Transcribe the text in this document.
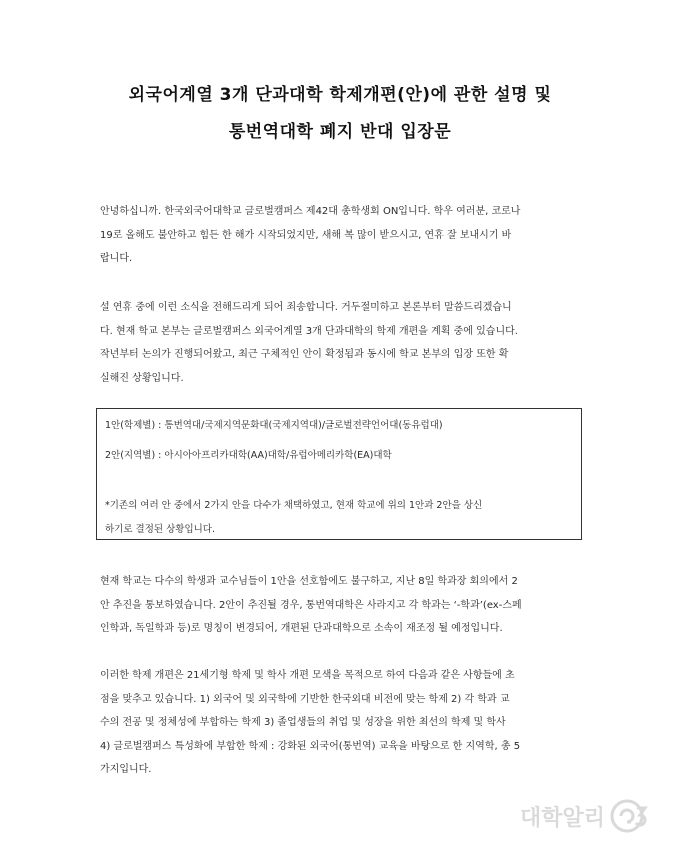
외국어계열 3개 단과대학 학제개편(안)에 관한 설명 및
통번역대학 폐지 반대 입장문
안녕하십니까. 한국외국어대학교 글로벌캠퍼스 제42대 총학생회 ON입니다. 학우 여러분, 코로나
19로 올해도 불안하고 힘든 한 해가 시작되었지만, 새해 복 많이 받으시고, 연휴 잘 보내시기 바
랍니다.
설 연휴 중에 이런 소식을 전해드리게 되어 죄송합니다. 거두절미하고 본론부터 말씀드리겠습니
다. 현재 학교 본부는 글로벌캠퍼스 외국어계열 3개 단과대학의 학제 개편을 계획 중에 있습니다.
작년부터 논의가 진행되어왔고, 최근 구체적인 안이 확정됨과 동시에 학교 본부의 입장 또한 확
실해진 상황입니다.
1안(학제별) : 통번역대/국제지역문화대(국제지역대)/글로벌전략언어대(동유럽대)
2안(지역별) : 아시아아프리카대학(AA)대학/유럽아메리카학(EA)대학
*기존의 여러 안 중에서 2가지 안을 다수가 채택하였고, 현재 학교에 위의 1안과 2안을 상신
하기로 결정된 상황입니다.
현재 학교는 다수의 학생과 교수님들이 1안을 선호함에도 불구하고, 지난 8일 학과장 회의에서 2
안 추진을 통보하였습니다. 2안이 추진될 경우, 통번역대학은 사라지고 각 학과는 ‘-학과’(ex-스페
인학과, 독일학과 등)로 명칭이 변경되어, 개편된 단과대학으로 소속이 재조정 될 예정입니다.
이러한 학제 개편은 21세기형 학제 및 학사 개편 모색을 목적으로 하여 다음과 같은 사항들에 초
점을 맞추고 있습니다. 1) 외국어 및 외국학에 기반한 한국외대 비전에 맞는 학제 2) 각 학과 교
수의 전공 및 정체성에 부합하는 학제 3) 졸업생들의 취업 및 성장을 위한 최선의 학제 및 학사
4) 글로벌캠퍼스 특성화에 부합한 학제 : 강화된 외국어(통번역) 교육을 바탕으로 한 지역학, 총 5
가지입니다.
대학알리
